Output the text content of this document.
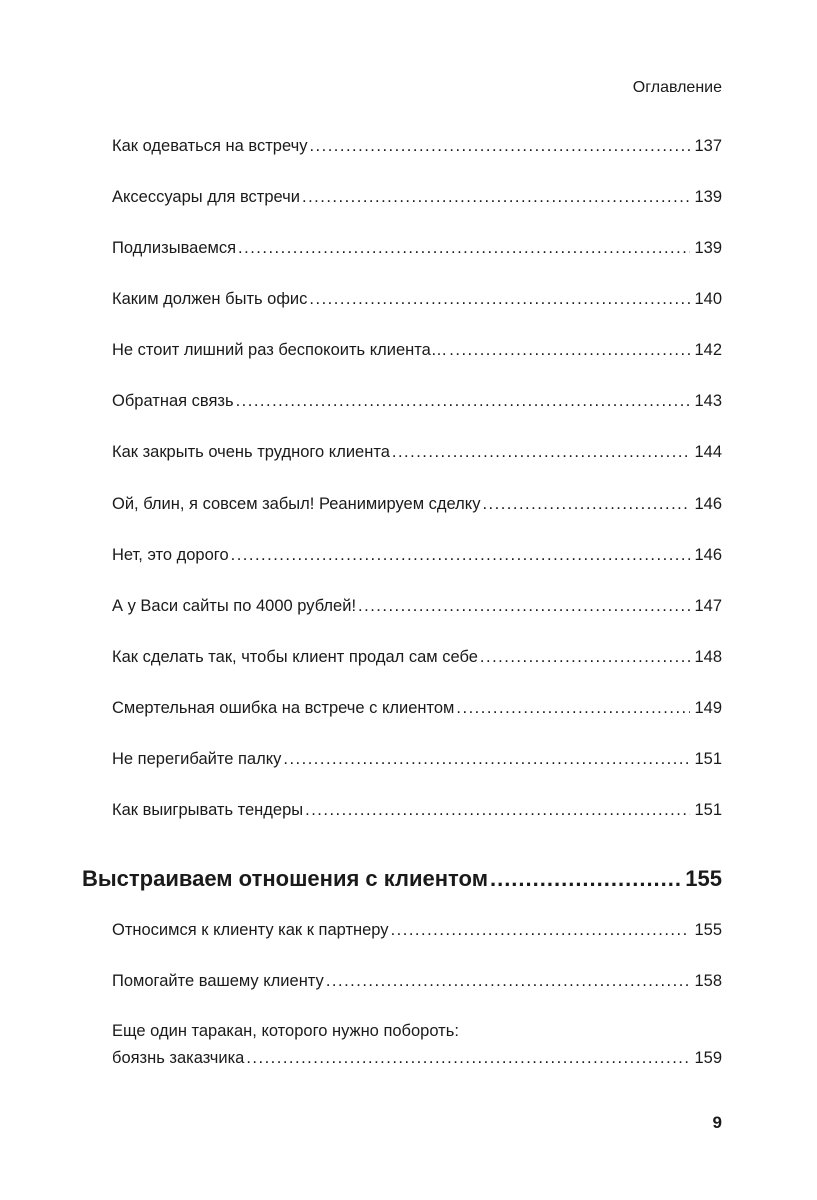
Оглавление
Как одеваться на встречу .....	137
Аксессуары для встречи .....	139
Подлизываемся .....	139
Каким должен быть офис .....	140
Не стоит лишний раз беспокоить клиента… .....	142
Обратная связь .....	143
Как закрыть очень трудного клиента .....	144
Ой, блин, я совсем забыл! Реанимируем сделку .....	146
Нет, это дорого .....	146
А у Васи сайты по 4000 рублей! .....	147
Как сделать так, чтобы клиент продал сам себе .....	148
Смертельная ошибка на встрече с клиентом .....	149
Не перегибайте палку .....	151
Как выигрывать тендеры .....	151
Выстраиваем отношения с клиентом .....	155
Относимся к клиенту как к партнеру .....	155
Помогайте вашему клиенту .....	158
Еще один таракан, которого нужно побороть:
боязнь заказчика .....	159
9
